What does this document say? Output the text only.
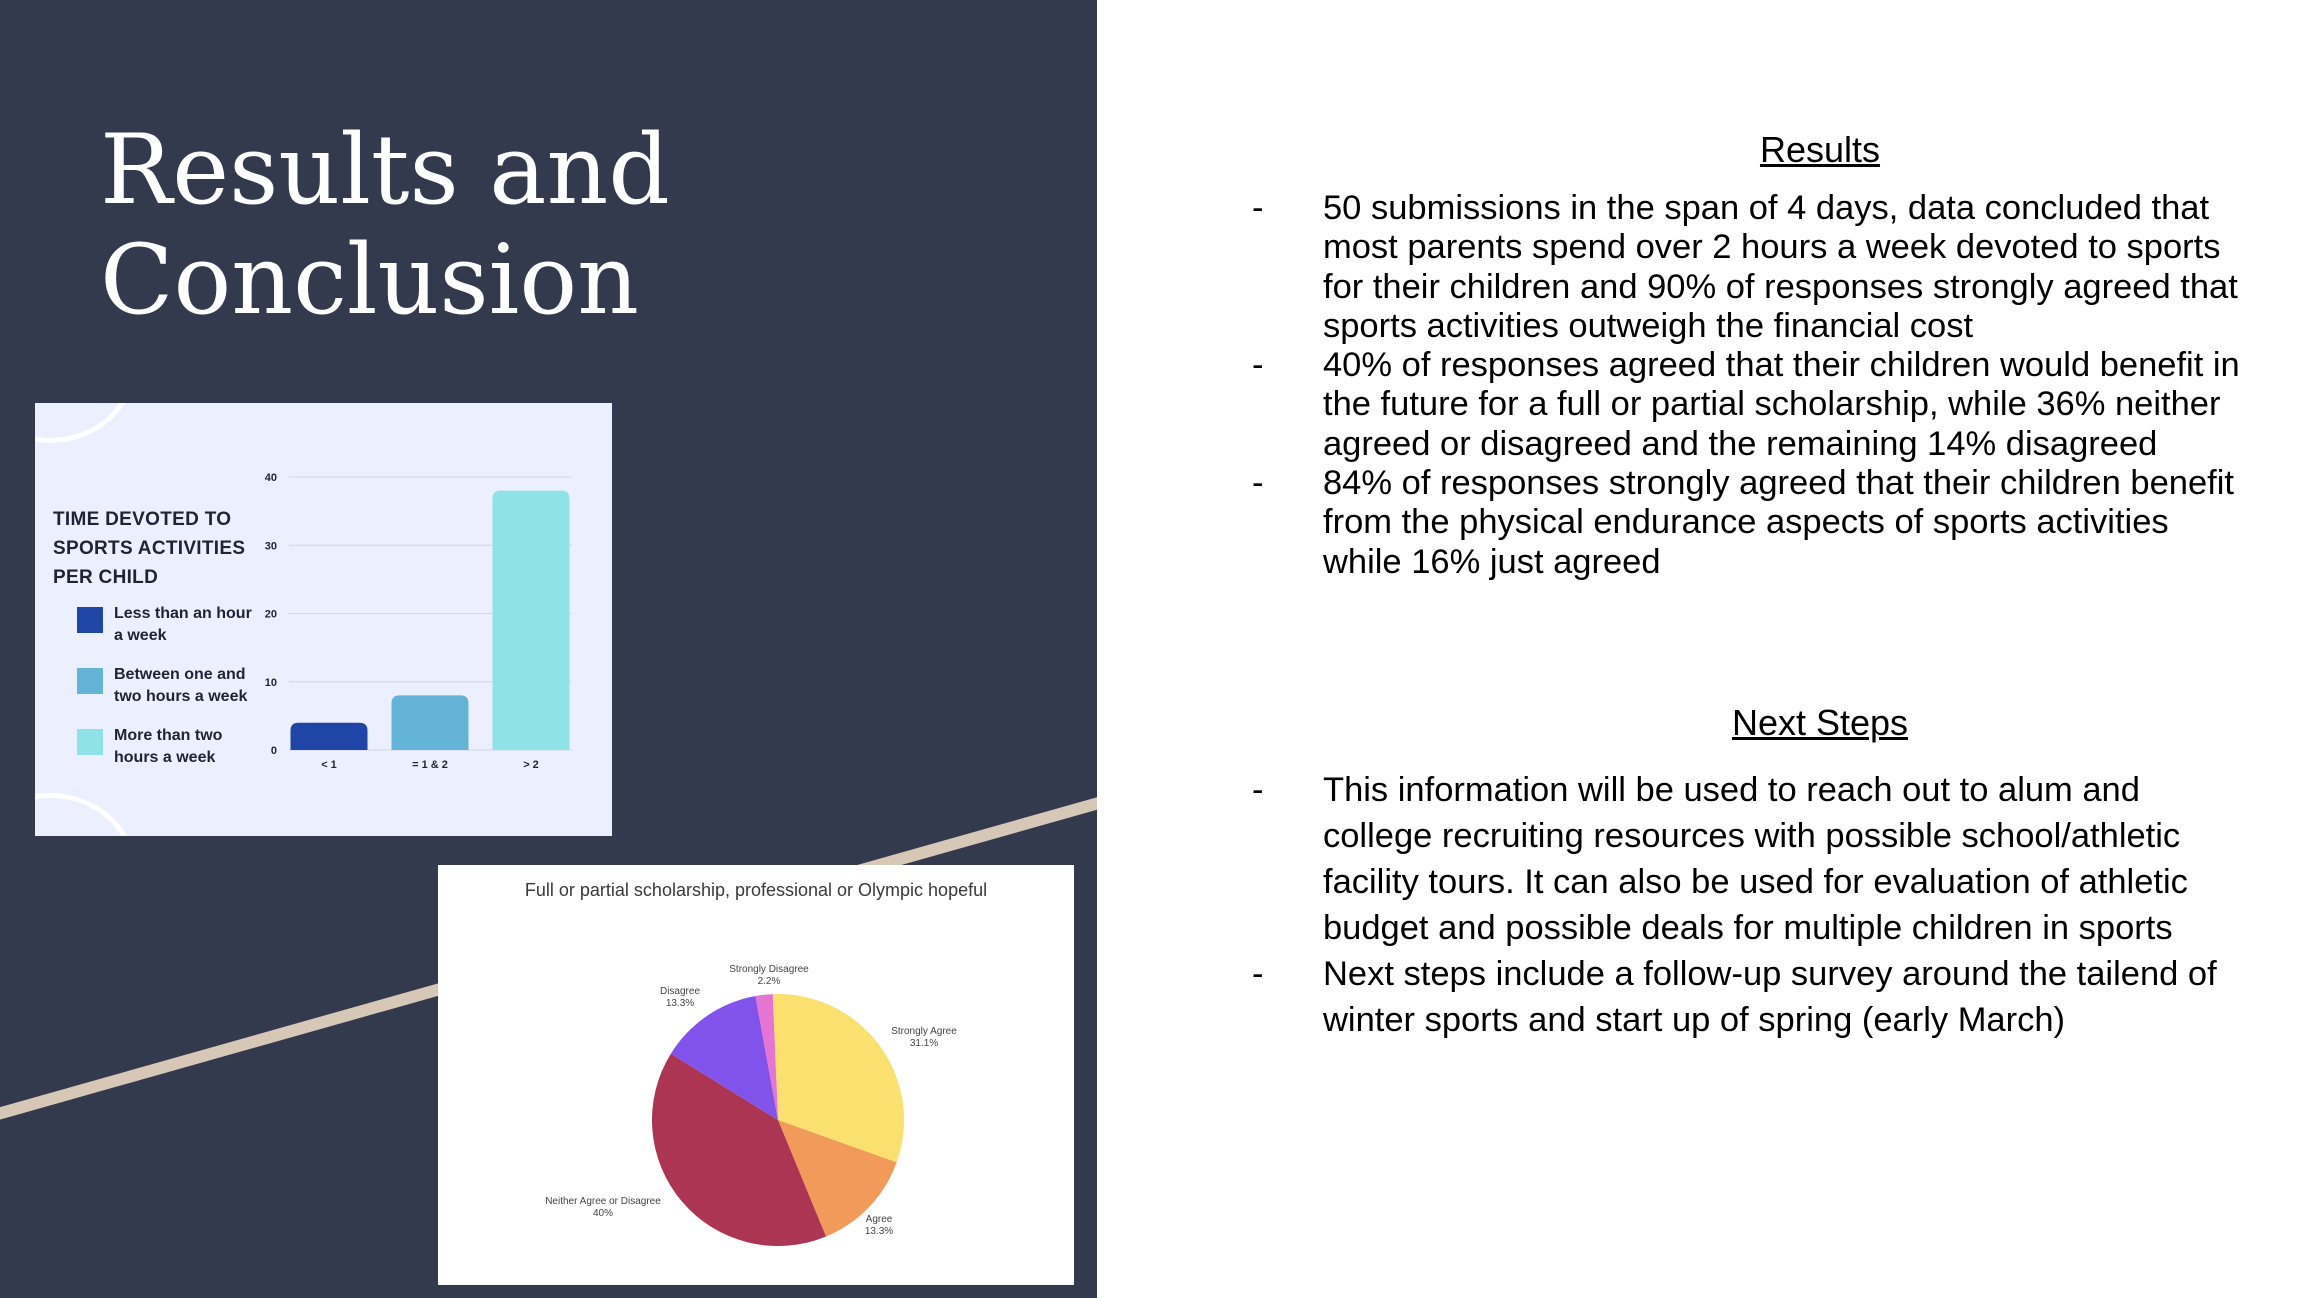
Results and
Conclusion
TIME DEVOTED TO SPORTS ACTIVITIES PER CHILD
Less than an hour a week
Between one and two hours a week
More than two hours a week	0
10
20
30
40
< 1	= 1 & 2	> 2
Full or partial scholarship, professional or Olympic hopeful
Strongly Agree
31.1%
Agree
13.3%
Neither Agree or Disagree
40%
Disagree
13.3%
Strongly Disagree
2.2%
Results
- 50 submissions in the span of 4 days, data concluded that most parents spend over 2 hours a week devoted to sports for their children and 90% of responses strongly agreed that sports activities outweigh the financial cost
- 40% of responses agreed that their children would benefit in the future for a full or partial scholarship, while 36% neither agreed or disagreed and the remaining 14% disagreed
- 84% of responses strongly agreed that their children benefit from the physical endurance aspects of sports activities while 16% just agreed
Next Steps
- This information will be used to reach out to alum and college recruiting resources with possible school/athletic facility tours. It can also be used for evaluation of athletic budget and possible deals for multiple children in sports
- Next steps include a follow-up survey around the tailend of winter sports and start up of spring (early March)
